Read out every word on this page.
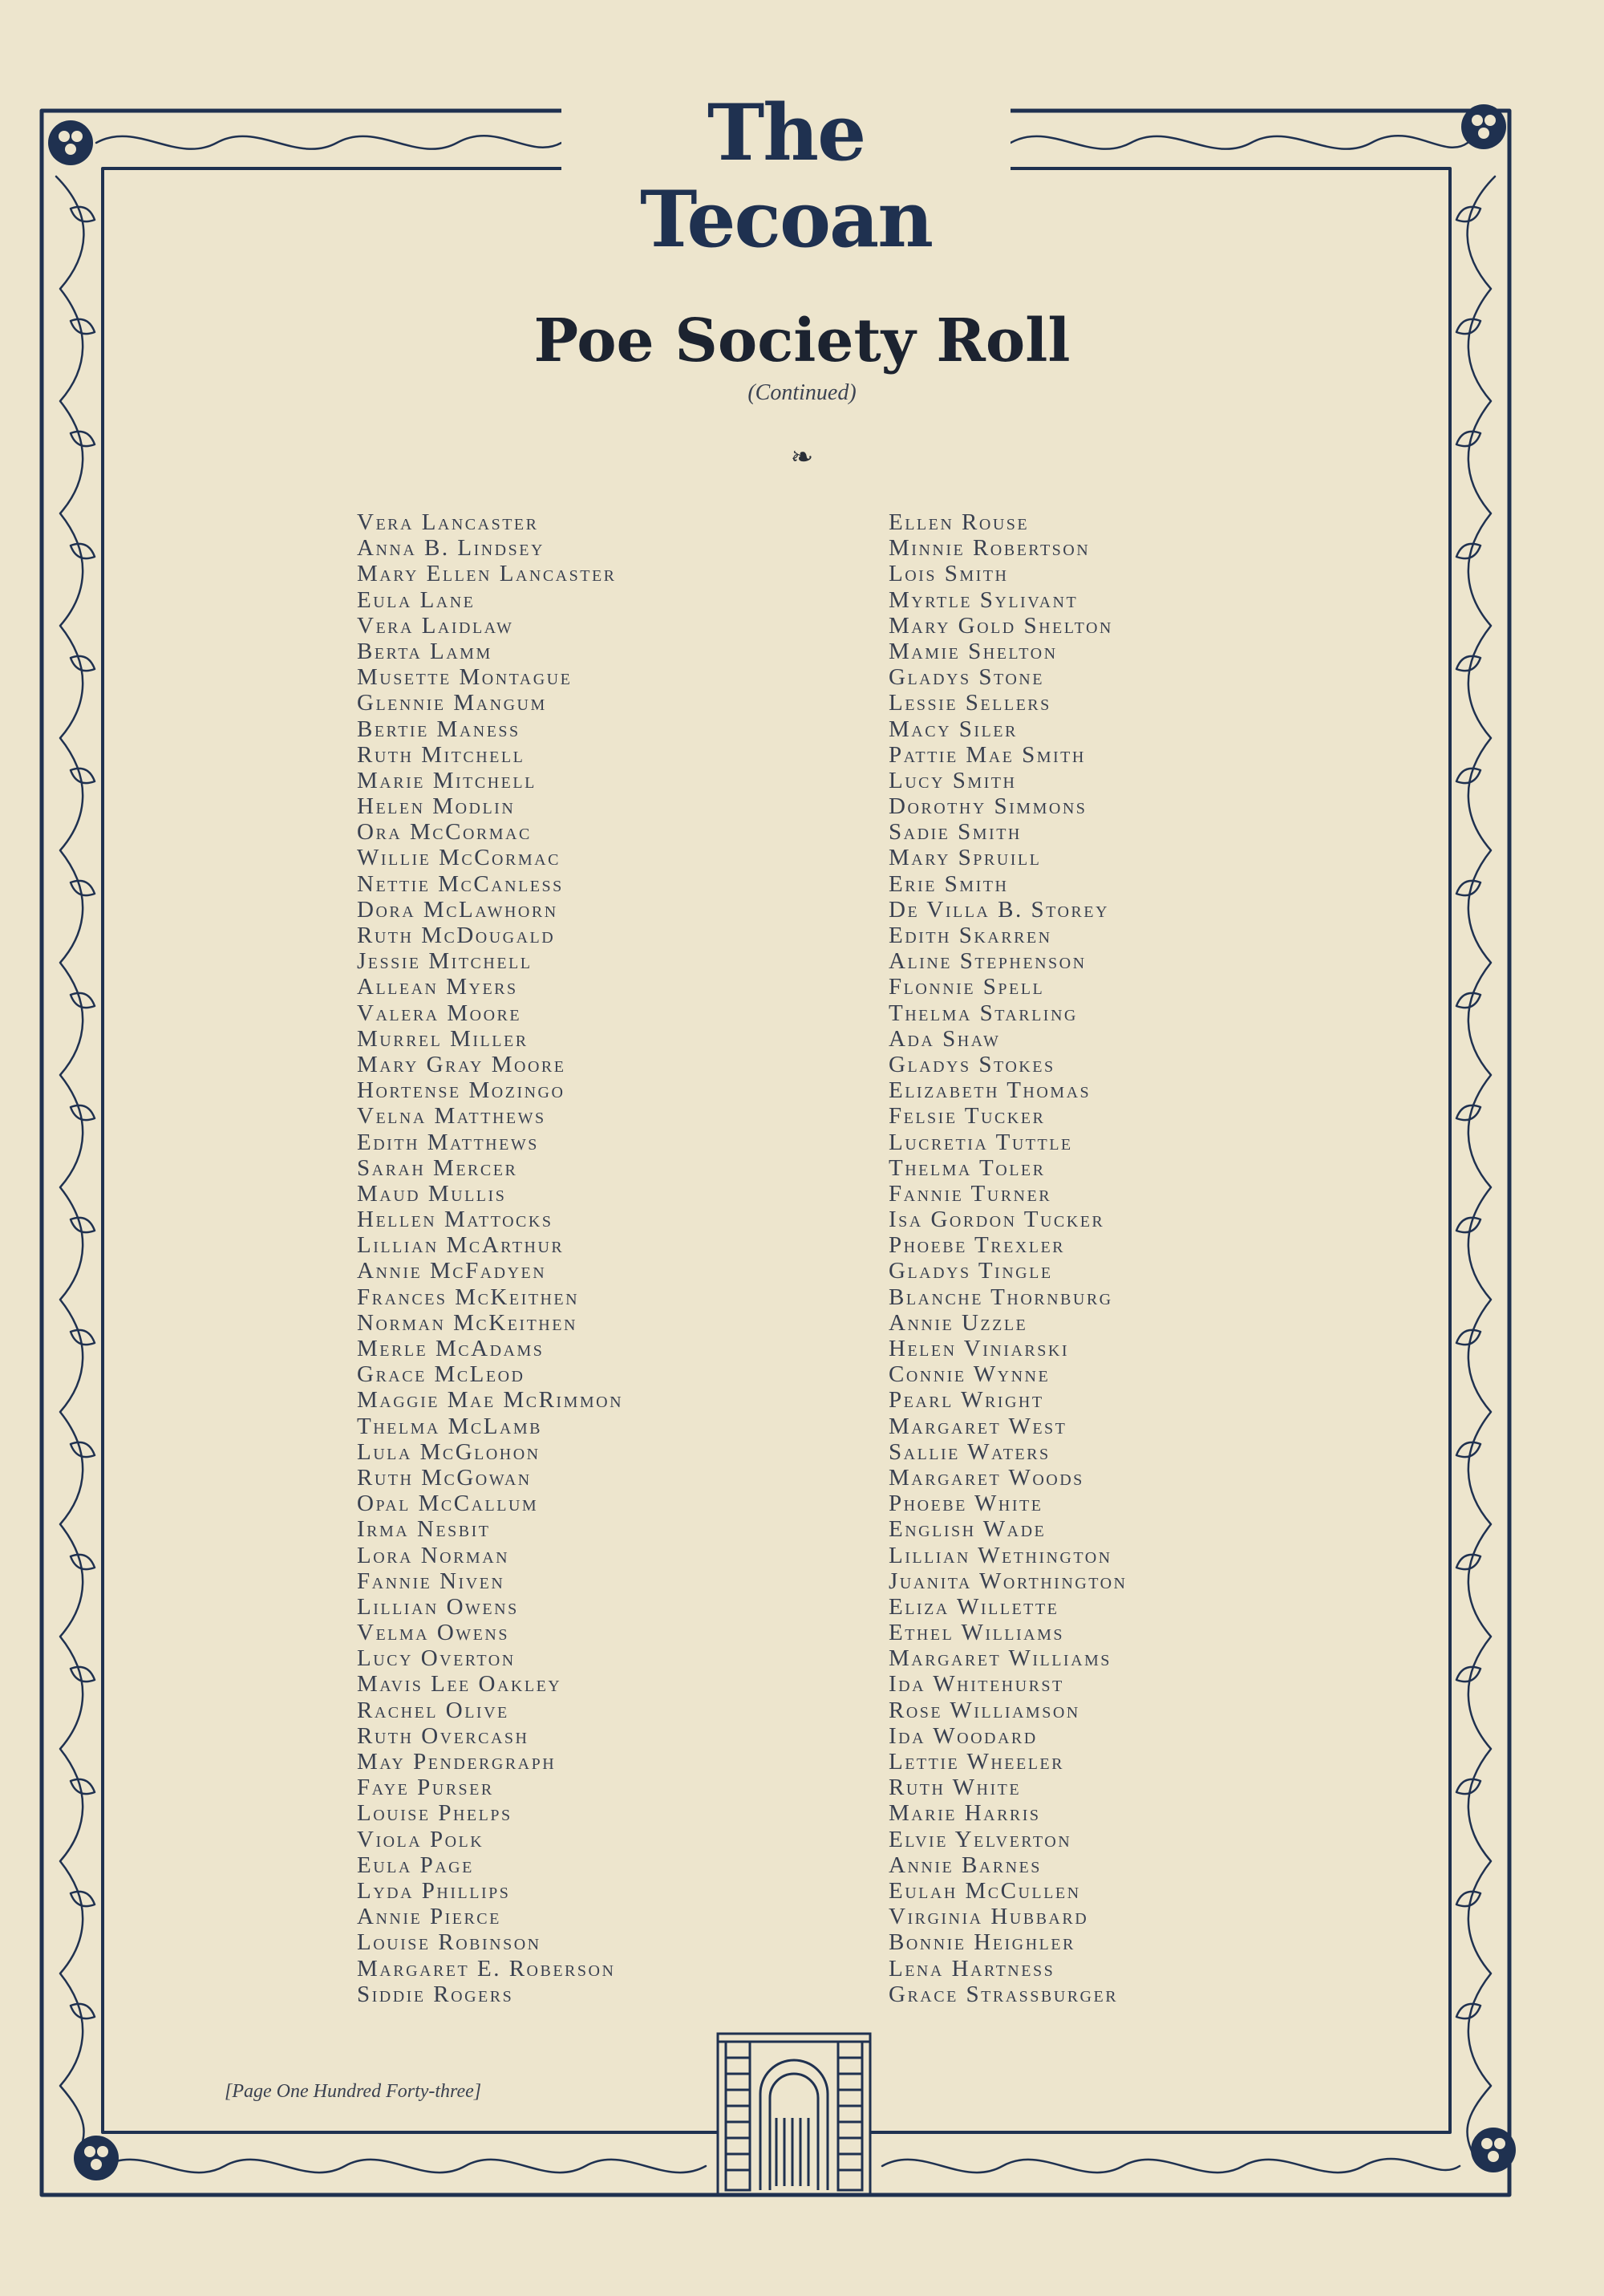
The Tecoan
Poe Society Roll
(Continued)
❧
Vera Lancaster
Anna B. Lindsey
Mary Ellen Lancaster
Eula Lane
Vera Laidlaw
Berta Lamm
Musette Montague
Glennie Mangum
Bertie Maness
Ruth Mitchell
Marie Mitchell
Helen Modlin
Ora McCormac
Willie McCormac
Nettie McCanless
Dora McLawhorn
Ruth McDougald
Jessie Mitchell
Allean Myers
Valera Moore
Murrel Miller
Mary Gray Moore
Hortense Mozingo
Velna Matthews
Edith Matthews
Sarah Mercer
Maud Mullis
Hellen Mattocks
Lillian McArthur
Annie McFadyen
Frances McKeithen
Norman McKeithen
Merle McAdams
Grace McLeod
Maggie Mae McRimmon
Thelma McLamb
Lula McGlohon
Ruth McGowan
Opal McCallum
Irma Nesbit
Lora Norman
Fannie Niven
Lillian Owens
Velma Owens
Lucy Overton
Mavis Lee Oakley
Rachel Olive
Ruth Overcash
May Pendergraph
Faye Purser
Louise Phelps
Viola Polk
Eula Page
Lyda Phillips
Annie Pierce
Louise Robinson
Margaret E. Roberson
Siddie Rogers
Ellen Rouse
Minnie Robertson
Lois Smith
Myrtle Sylivant
Mary Gold Shelton
Mamie Shelton
Gladys Stone
Lessie Sellers
Macy Siler
Pattie Mae Smith
Lucy Smith
Dorothy Simmons
Sadie Smith
Mary Spruill
Erie Smith
De Villa B. Storey
Edith Skarren
Aline Stephenson
Flonnie Spell
Thelma Starling
Ada Shaw
Gladys Stokes
Elizabeth Thomas
Felsie Tucker
Lucretia Tuttle
Thelma Toler
Fannie Turner
Isa Gordon Tucker
Phoebe Trexler
Gladys Tingle
Blanche Thornburg
Annie Uzzle
Helen Viniarski
Connie Wynne
Pearl Wright
Margaret West
Sallie Waters
Margaret Woods
Phoebe White
English Wade
Lillian Wethington
Juanita Worthington
Eliza Willette
Ethel Williams
Margaret Williams
Ida Whitehurst
Rose Williamson
Ida Woodard
Lettie Wheeler
Ruth White
Marie Harris
Elvie Yelverton
Annie Barnes
Eulah McCullen
Virginia Hubbard
Bonnie Heighler
Lena Hartness
Grace Strassburger
[Page One Hundred Forty-three]
